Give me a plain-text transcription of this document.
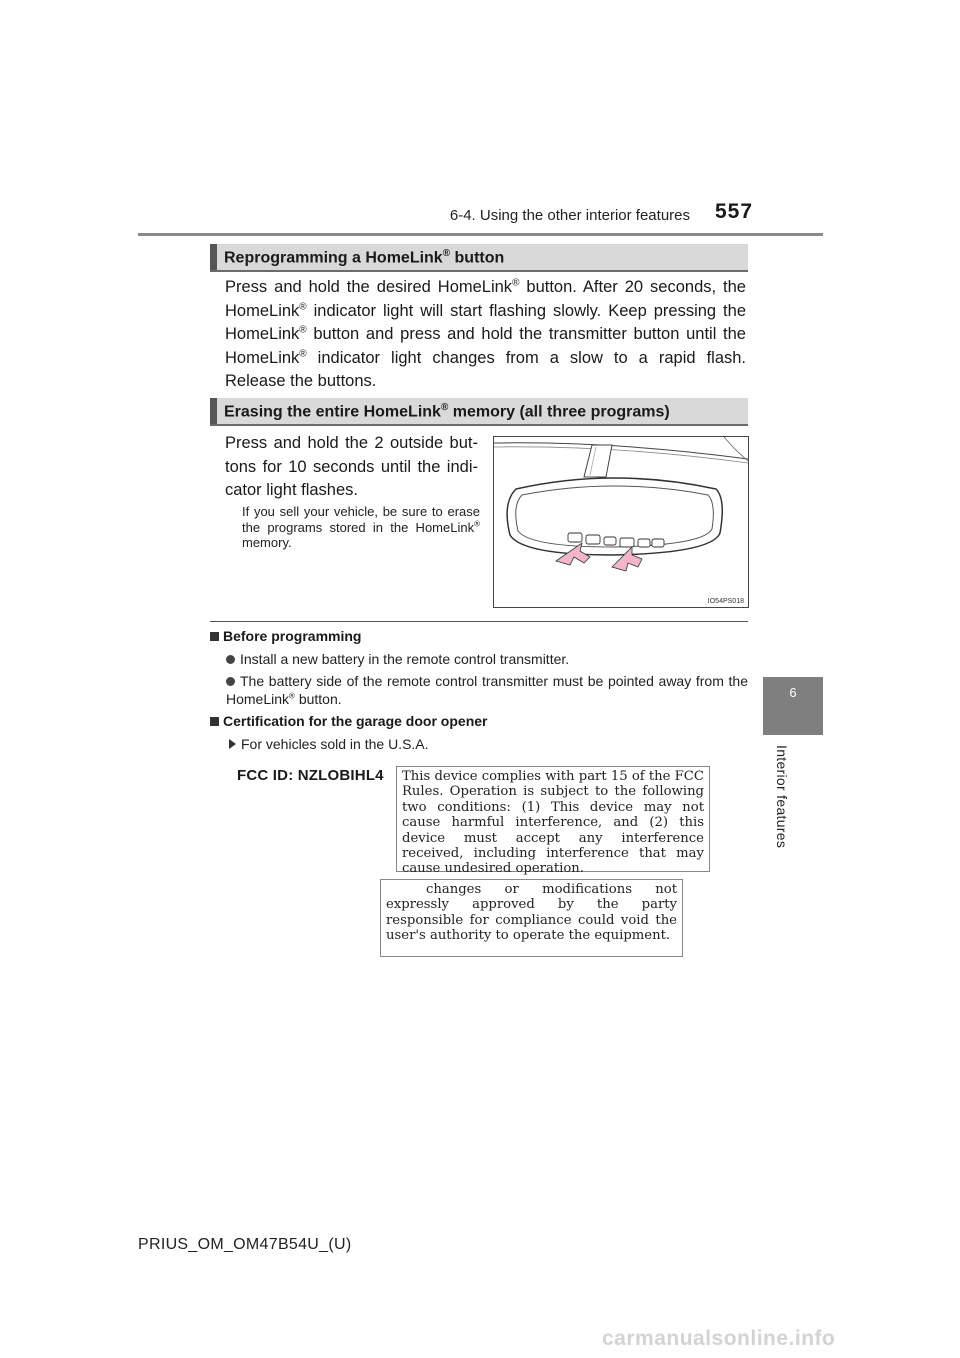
6-4. Using the other interior features 557
6
Interior features
Reprogramming a HomeLink® button
Press and hold the desired HomeLink® button. After 20 seconds, the HomeLink® indicator light will start flashing slowly. Keep pressing the HomeLink® button and press and hold the transmitter button until the HomeLink® indicator light changes from a slow to a rapid flash. Release the buttons.
Erasing the entire HomeLink® memory (all three programs)
Press and hold the 2 outside but-
tons for 10 seconds until the indi-
cator light flashes.
If you sell your vehicle, be sure to erase the programs stored in the HomeLink® memory.
IO54PS018
Before programming
Install a new battery in the remote control transmitter.
The battery side of the remote control transmitter must be pointed away from the HomeLink® button.
Certification for the garage door opener
For vehicles sold in the U.S.A.
FCC ID: NZLOBIHL4	This device complies with part 15 of the FCC Rules. Operation is subject to the following two conditions: (1) This device may not cause harmful interference, and (2) this device must accept any interference received, including interference that may cause undesired operation.
changes or modifications not expressly approved by the party responsible for compliance could void the user's authority to operate the equipment.
PRIUS_OM_OM47B54U_(U)
carmanualsonline.info
